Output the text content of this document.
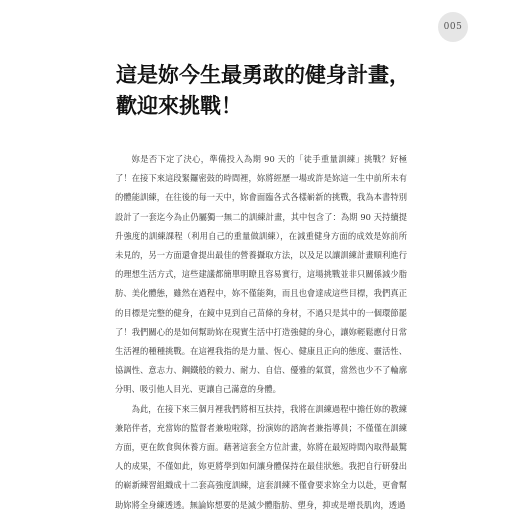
005
這是妳今生最勇敢的健身計畫，
歡迎來挑戰！

妳是否下定了決心，準備投入為期 90 天的「徒手重量訓練」挑戰？好極了！在接下來這段緊鑼密鼓的時間裡，妳將經歷一場或許是妳這一生中前所未有的體能訓練，在往後的每一天中，妳會面臨各式各樣嶄新的挑戰，我為本書特別設計了一套迄今為止仍屬獨一無二的訓練計畫，其中包含了：為期 90 天持續提升強度的訓練課程（利用自己的重量做訓練），在減重健身方面的成效是妳前所未見的，另一方面還會提出最佳的營養攝取方法，以及足以讓訓練計畫順利進行的理想生活方式，這些建議都簡單明瞭且容易實行，這場挑戰並非只關係減少脂肪、美化體態，雖然在過程中，妳不僅能夠，而且也會達成這些目標，我們真正的目標是完整的健身，在鏡中見到自己苗條的身材，不過只是其中的一個環節罷了！我們關心的是如何幫助妳在現實生活中打造強健的身心，讓妳輕鬆應付日常生活裡的種種挑戰。在這裡我指的是力量、恆心、健康且正向的態度、靈活性、協調性、意志力、鋼鐵般的毅力、耐力、自信、優雅的氣質，當然也少不了輪廓分明、吸引他人目光、更讓自己滿意的身體。

為此，在接下來三個月裡我們將相互扶持，我將在訓練過程中擔任妳的教練兼陪伴者，充當妳的監督者兼啦啦隊，扮演妳的諮詢者兼指導員；不僅僅在訓練方面，更在飲食與休養方面。藉著這套全方位計畫，妳將在最短時間內取得最驚人的成果，不僅如此，妳更將學到如何讓身體保持在最佳狀態。我把自行研發出的嶄新練習組織成十二套高強度訓練，這套訓練不僅會要求妳全力以赴，更會幫助妳將全身練透透。無論妳想要的是減少體脂肪、塑身，抑或是增長肌肉，透過
